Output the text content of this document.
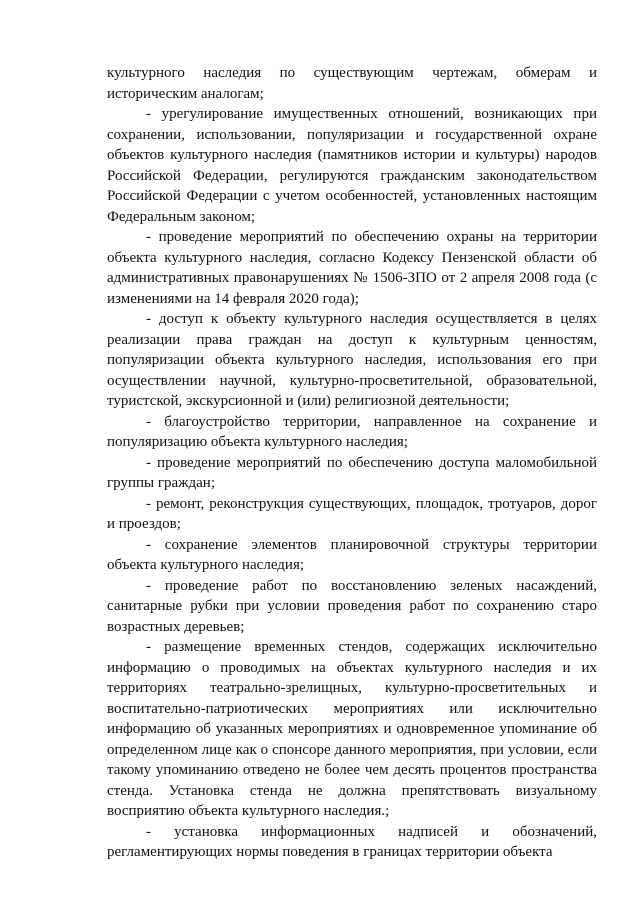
культурного наследия по существующим чертежам, обмерам и историческим аналогам;

- урегулирование имущественных отношений, возникающих при сохранении, использовании, популяризации и государственной охране объектов культурного наследия (памятников истории и культуры) народов Российской Федерации, регулируются гражданским законодательством Российской Федерации с учетом особенностей, установленных настоящим Федеральным законом;

- проведение мероприятий по обеспечению охраны на территории объекта культурного наследия, согласно Кодексу Пензенской области об административных правонарушениях № 1506-ЗПО от 2 апреля 2008 года (с изменениями на 14 февраля 2020 года);

- доступ к объекту культурного наследия осуществляется в целях реализации права граждан на доступ к культурным ценностям, популяризации объекта культурного наследия, использования его при осуществлении научной, культурно-просветительной, образовательной, туристской, экскурсионной и (или) религиозной деятельности;

- благоустройство территории, направленное на сохранение и популяризацию объекта культурного наследия;

- проведение мероприятий по обеспечению доступа маломобильной группы граждан;

- ремонт, реконструкция существующих, площадок, тротуаров, дорог и проездов;

- сохранение элементов планировочной структуры территории объекта культурного наследия;

- проведение работ по восстановлению зеленых насаждений, санитарные рубки при условии проведения работ по сохранению старо возрастных деревьев;

- размещение временных стендов, содержащих исключительно информацию о проводимых на объектах культурного наследия и их территориях театрально-зрелищных, культурно-просветительных и воспитательно-патриотических мероприятиях или исключительно информацию об указанных мероприятиях и одновременное упоминание об определенном лице как о спонсоре данного мероприятия, при условии, если такому упоминанию отведено не более чем десять процентов пространства стенда. Установка стенда не должна препятствовать визуальному восприятию объекта культурного наследия.;

- установка информационных надписей и обозначений, регламентирующих нормы поведения в границах территории объекта
